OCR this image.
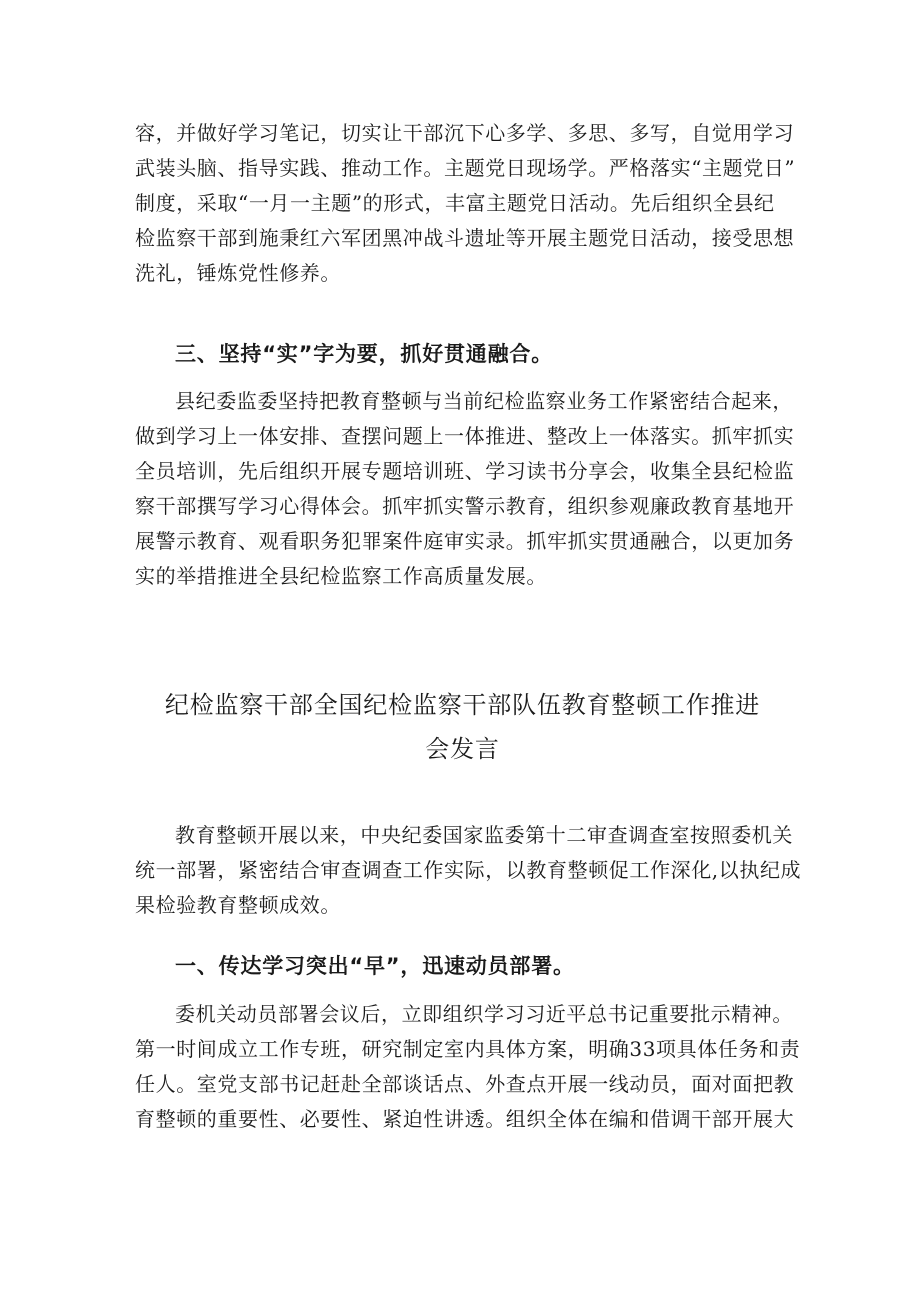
容，并做好学习笔记，切实让干部沉下心多学、多思、多写，自觉用学习
武装头脑、指导实践、推动工作。主题党日现场学。严格落实“主题党日”
制度，采取“一月一主题”的形式，丰富主题党日活动。先后组织全县纪
检监察干部到施秉红六军团黑冲战斗遗址等开展主题党日活动，接受思想
洗礼，锤炼党性修养。
三、坚持“实”字为要，抓好贯通融合。
县纪委监委坚持把教育整顿与当前纪检监察业务工作紧密结合起来，
做到学习上一体安排、查摆问题上一体推进、整改上一体落实。抓牢抓实
全员培训，先后组织开展专题培训班、学习读书分享会，收集全县纪检监
察干部撰写学习心得体会。抓牢抓实警示教育，组织参观廉政教育基地开
展警示教育、观看职务犯罪案件庭审实录。抓牢抓实贯通融合，以更加务
实的举措推进全县纪检监察工作高质量发展。
纪检监察干部全国纪检监察干部队伍教育整顿工作推进
会发言
教育整顿开展以来，中央纪委国家监委第十二审查调查室按照委机关
统一部署，紧密结合审查调查工作实际，以教育整顿促工作深化,以执纪成
果检验教育整顿成效。
一、传达学习突出“早”，迅速动员部署。
委机关动员部署会议后，立即组织学习习近平总书记重要批示精神。
第一时间成立工作专班，研究制定室内具体方案，明确33项具体任务和责
任人。室党支部书记赶赴全部谈话点、外查点开展一线动员，面对面把教
育整顿的重要性、必要性、紧迫性讲透。组织全体在编和借调干部开展大
